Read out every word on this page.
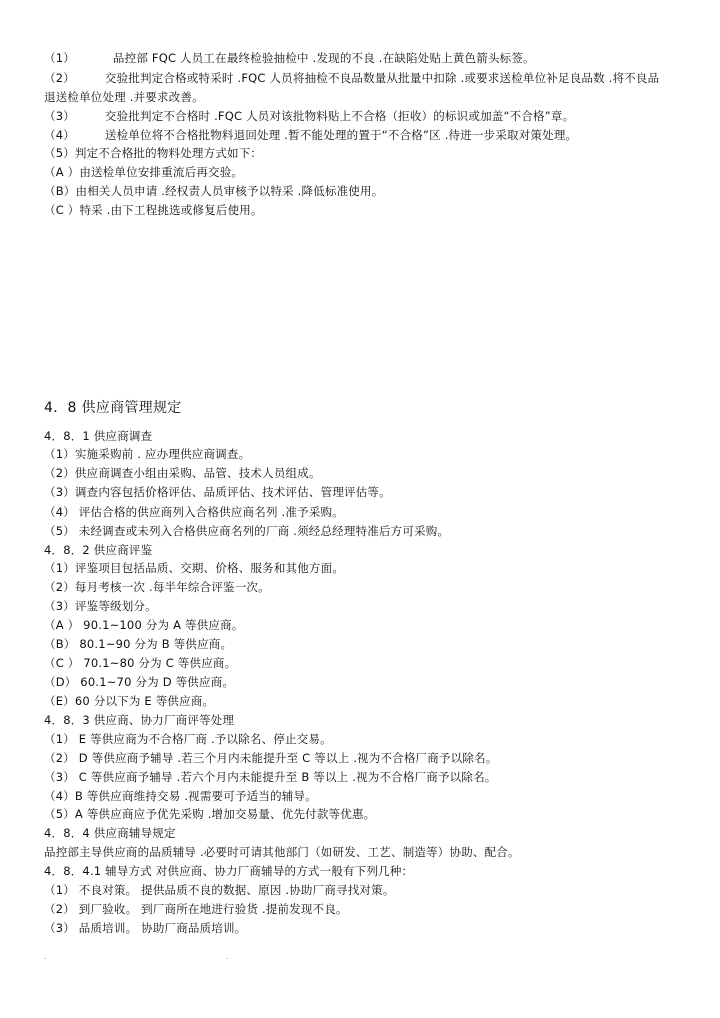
（1）	品控部 FQC 人员工在最终检验抽检中 .发现的不良 .在缺陷处贴上黄色箭头标签。
（2）	交验批判定合格或特采时 .FQC 人员将抽检不良品数量从批量中扣除 .或要求送检单位补足良品数 .将不良品
退送检单位处理 .并要求改善。
（3）	交验批判定不合格时 .FQC 人员对该批物料贴上不合格（拒收）的标识或加盖“不合格”章。
（4）	送检单位将不合格批物料退回处理 .暂不能处理的置于“不合格”区 .待进一步采取对策处理。
（5）判定不合格批的物料处理方式如下：
（A ）由送检单位安排重流后再交验。
（B）由相关人员申请 .经权责人员审核予以特采 .降低标准使用。
（C ）特采 .由下工程挑选或修复后使用。
4．8 供应商管理规定
4．8．1 供应商调查
（1）实施采购前 . 应办理供应商调查。
（2）供应商调查小组由采购、品管、技术人员组成。
（3）调查内容包括价格评估、品质评估、技术评估、管理评估等。
（4） 评估合格的供应商列入合格供应商名列 .准予采购。
（5） 未经调查或未列入合格供应商名列的厂商 .须经总经理特准后方可采购。
4．8．2 供应商评鉴
（1）评鉴项目包括品质、交期、价格、服务和其他方面。
（2）每月考核一次 .每半年综合评鉴一次。
（3）评鉴等级划分。
（A ） 90.1~100 分为 A 等供应商。
（B） 80.1~90 分为 B 等供应商。
（C ） 70.1~80 分为 C 等供应商。
（D） 60.1~70 分为 D 等供应商。
（E）60 分以下为 E 等供应商。
4．8．3 供应商、协力厂商评等处理
（1） E 等供应商为不合格厂商 .予以除名、停止交易。
（2） D 等供应商予辅导 .若三个月内未能提升至 C 等以上 .视为不合格厂商予以除名。
（3） C 等供应商予辅导 .若六个月内未能提升至 B 等以上 .视为不合格厂商予以除名。
（4）B 等供应商维持交易 .视需要可予适当的辅导。
（5）A 等供应商应予优先采购 .增加交易量、优先付款等优惠。
4．8．4 供应商辅导规定
品控部主导供应商的品质辅导 .必要时可请其他部门（如研发、工艺、制造等）协助、配合。
4．8．4.1 辅导方式 对供应商、协力厂商辅导的方式一般有下列几种：
（1） 不良对策。 提供品质不良的数据、原因 .协助厂商寻找对策。
（2） 到厂验收。 到厂商所在地进行验货 .提前发现不良。
（3） 品质培训。 协助厂商品质培训。
.	.
